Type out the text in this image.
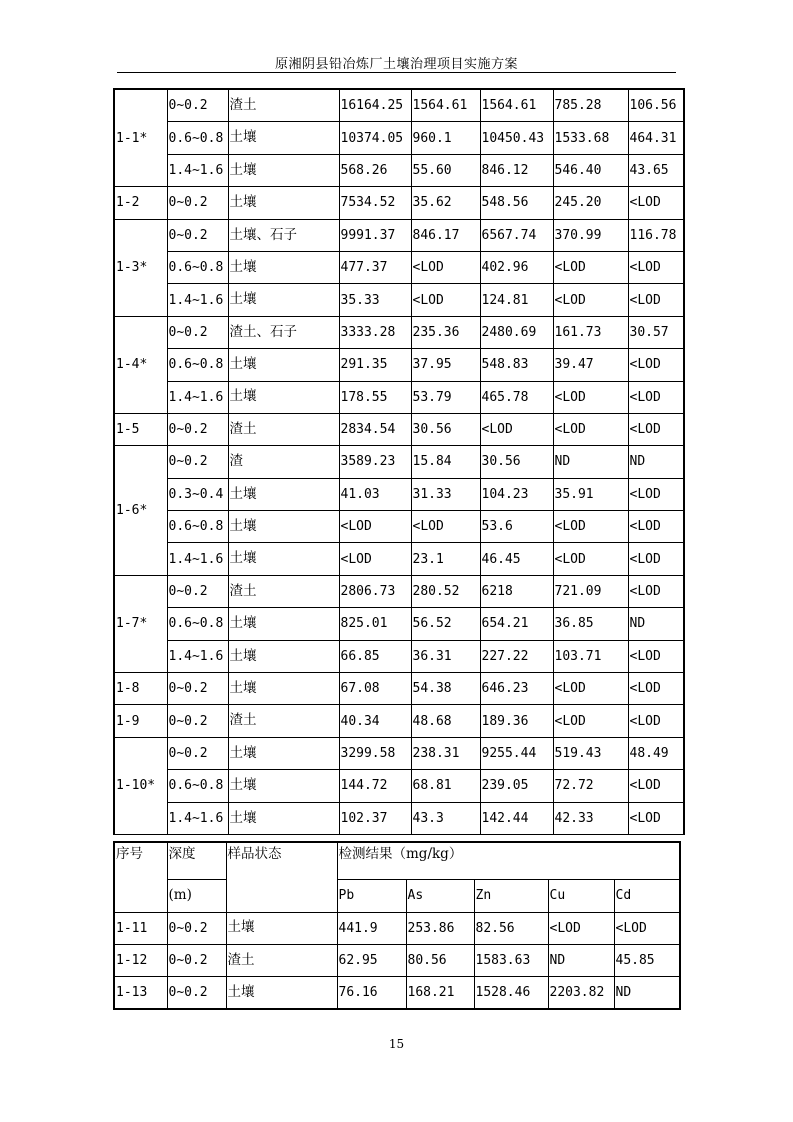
原湘阴县铅冶炼厂土壤治理项目实施方案
1-1*	0~0.2	渣土	16164.25	1564.61	1564.61	785.28	106.56
	0.6~0.8	土壤	10374.05	960.1	10450.43	1533.68	464.31
	1.4~1.6	土壤	568.26	55.60	846.12	546.40	43.65
1-2	0~0.2	土壤	7534.52	35.62	548.56	245.20	<LOD
1-3*	0~0.2	土壤、石子	9991.37	846.17	6567.74	370.99	116.78
	0.6~0.8	土壤	477.37	<LOD	402.96	<LOD	<LOD
	1.4~1.6	土壤	35.33	<LOD	124.81	<LOD	<LOD
1-4*	0~0.2	渣土、石子	3333.28	235.36	2480.69	161.73	30.57
	0.6~0.8	土壤	291.35	37.95	548.83	39.47	<LOD
	1.4~1.6	土壤	178.55	53.79	465.78	<LOD	<LOD
1-5	0~0.2	渣土	2834.54	30.56	<LOD	<LOD	<LOD
1-6*	0~0.2	渣	3589.23	15.84	30.56	ND	ND
	0.3~0.4	土壤	41.03	31.33	104.23	35.91	<LOD
	0.6~0.8	土壤	<LOD	<LOD	53.6	<LOD	<LOD
	1.4~1.6	土壤	<LOD	23.1	46.45	<LOD	<LOD
1-7*	0~0.2	渣土	2806.73	280.52	6218	721.09	<LOD
	0.6~0.8	土壤	825.01	56.52	654.21	36.85	ND
	1.4~1.6	土壤	66.85	36.31	227.22	103.71	<LOD
1-8	0~0.2	土壤	67.08	54.38	646.23	<LOD	<LOD
1-9	0~0.2	渣土	40.34	48.68	189.36	<LOD	<LOD
1-10*	0~0.2	土壤	3299.58	238.31	9255.44	519.43	48.49
	0.6~0.8	土壤	144.72	68.81	239.05	72.72	<LOD
	1.4~1.6	土壤	102.37	43.3	142.44	42.33	<LOD
序号	深度	样品状态	检测结果（mg/kg）				
	(m)		Pb	As	Zn	Cu	Cd
1-11	0~0.2	土壤	441.9	253.86	82.56	<LOD	<LOD
1-12	0~0.2	渣土	62.95	80.56	1583.63	ND	45.85
1-13	0~0.2	土壤	76.16	168.21	1528.46	2203.82	ND
15
